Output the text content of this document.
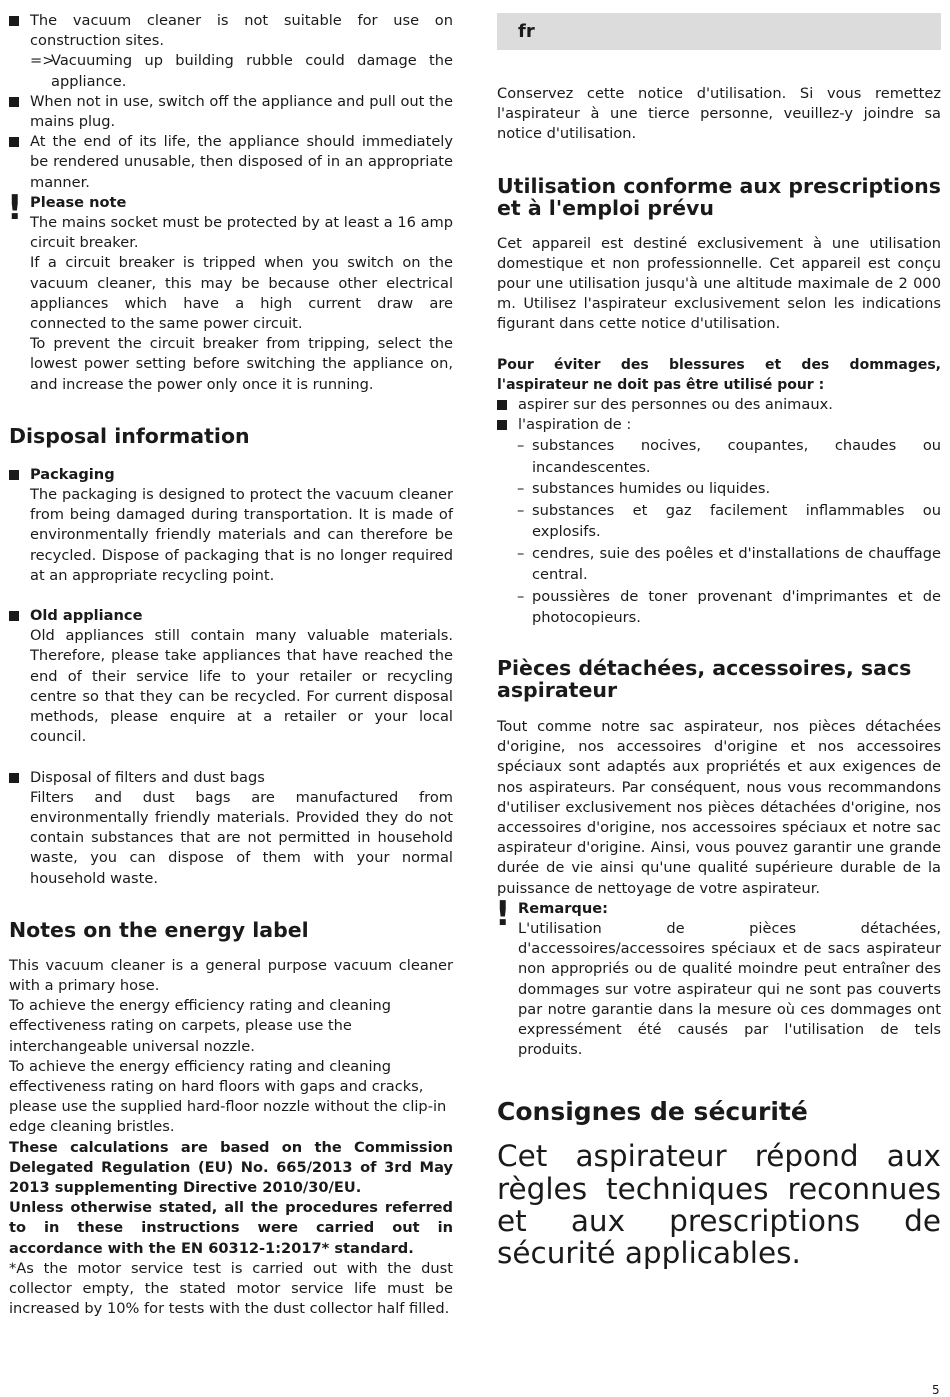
The vacuum cleaner is not suitable for use on construction sites.

=>

Vacuuming up building rubble could damage the appliance.

When not in use, switch off the appliance and pull out the mains plug.

At the end of its life, the appliance should immediately be rendered unusable, then disposed of in an appropriate manner.

! Please note

The mains socket must be protected by at least a 16 amp circuit breaker.

If a circuit breaker is tripped when you switch on the vacuum cleaner, this may be because other electrical appliances which have a high current draw are connected to the same power circuit.

To prevent the circuit breaker from tripping, select the lowest power setting before switching the appliance on, and increase the power only once it is running.

Disposal information

Packaging

The packaging is designed to protect the vacuum cleaner from being damaged during transportation. It is made of environmentally friendly materials and can therefore be recycled. Dispose of packaging that is no longer required at an appropriate recycling point.

Old appliance

Old appliances still contain many valuable materials. Therefore, please take appliances that have reached the end of their service life to your retailer or recycling centre so that they can be recycled. For current disposal methods, please enquire at a retailer or your local council.

Disposal of filters and dust bags

Filters and dust bags are manufactured from environmentally friendly materials. Provided they do not contain substances that are not permitted in household waste, you can dispose of them with your normal household waste.

Notes on the energy label

This vacuum cleaner is a general purpose vacuum cleaner with a primary hose.

To achieve the energy efficiency rating and cleaning effectiveness rating on carpets, please use the interchangeable universal nozzle.

To achieve the energy efficiency rating and cleaning effectiveness rating on hard floors with gaps and cracks, please use the supplied hard-floor nozzle without the clip-in edge cleaning bristles.

These calculations are based on the Commission Delegated Regulation (EU) No. 665/2013 of 3rd May 2013 supplementing Directive 2010/30/EU.

Unless otherwise stated, all the procedures referred to in these instructions were carried out in accordance with the EN 60312-1:2017* standard.

*As the motor service test is carried out with the dust collector empty, the stated motor service life must be increased by 10% for tests with the dust collector half filled.

fr

Conservez cette notice d'utilisation. Si vous remettez l'aspirateur à une tierce personne, veuillez-y joindre sa notice d'utilisation.

Utilisation conforme aux prescriptions et à l'emploi prévu

Cet appareil est destiné exclusivement à une utilisation domestique et non professionnelle. Cet appareil est conçu pour une utilisation jusqu'à une altitude maximale de 2 000 m. Utilisez l'aspirateur exclusivement selon les indications figurant dans cette notice d'utilisation.

Pour éviter des blessures et des dommages, l'aspirateur ne doit pas être utilisé pour :

aspirer sur des personnes ou des animaux.

l'aspiration de :

– substances nocives, coupantes, chaudes ou incandescentes.

– substances humides ou liquides.

– substances et gaz facilement inflammables ou explosifs.

– cendres, suie des poêles et d'installations de chauffage central.

– poussières de toner provenant d'imprimantes et de photocopieurs.

Pièces détachées, accessoires, sacs aspirateur

Tout comme notre sac aspirateur, nos pièces détachées d'origine, nos accessoires d'origine et nos accessoires spéciaux sont adaptés aux propriétés et aux exigences de nos aspirateurs. Par conséquent, nous vous recommandons d'utiliser exclusivement nos pièces détachées d'origine, nos accessoires d'origine, nos accessoires spéciaux et notre sac aspirateur d'origine. Ainsi, vous pouvez garantir une grande durée de vie ainsi qu'une qualité supérieure durable de la puissance de nettoyage de votre aspirateur.

! Remarque:

L'utilisation de pièces détachées, d'accessoires/accessoires spéciaux et de sacs aspirateur non appropriés ou de qualité moindre peut entraîner des dommages sur votre aspirateur qui ne sont pas couverts par notre garantie dans la mesure où ces dommages ont expressément été causés par l'utilisation de tels produits.

Consignes de sécurité

Cet aspirateur répond aux règles techniques reconnues et aux prescriptions de sécurité applicables.

5
